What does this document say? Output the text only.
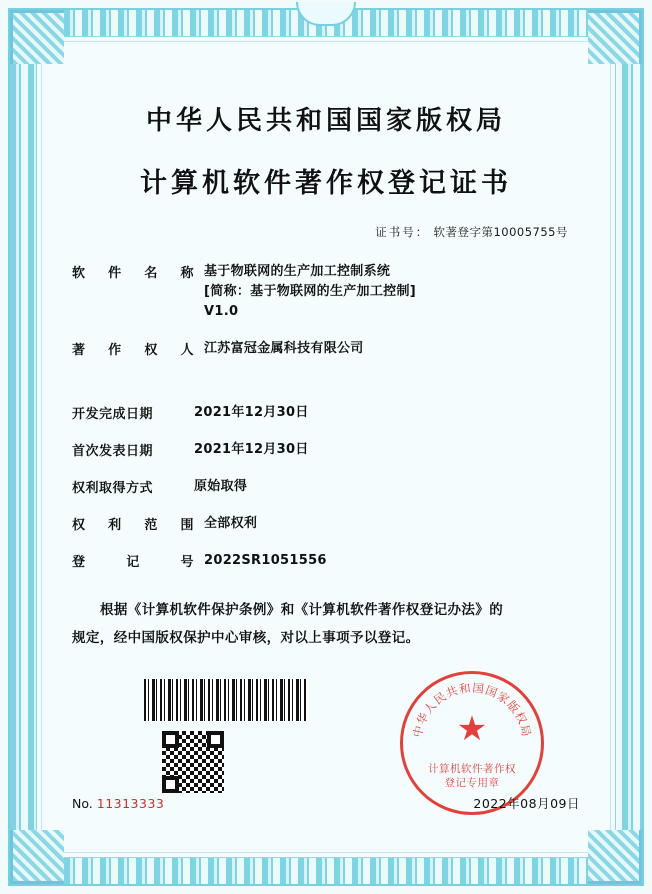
中华人民共和国国家版权局
计算机软件著作权登记证书
证书号： 软著登字第10005755号
软件名称 基于物联网的生产加工控制系统
[简称：基于物联网的生产加工控制]
V1.0
著作权人 江苏富冠金属科技有限公司
开发完成日期	2021年12月30日
首次发表日期	2021年12月30日
权利取得方式	原始取得
权利范围 全部权利
登记号 2022SR1051556
根据《计算机软件保护条例》和《计算机软件著作权登记办法》的
规定，经中国版权保护中心审核，对以上事项予以登记。
中华人民共和国国家版权局
★
计算机软件著作权
登记专用章
No. 11313333	2022年08月09日
